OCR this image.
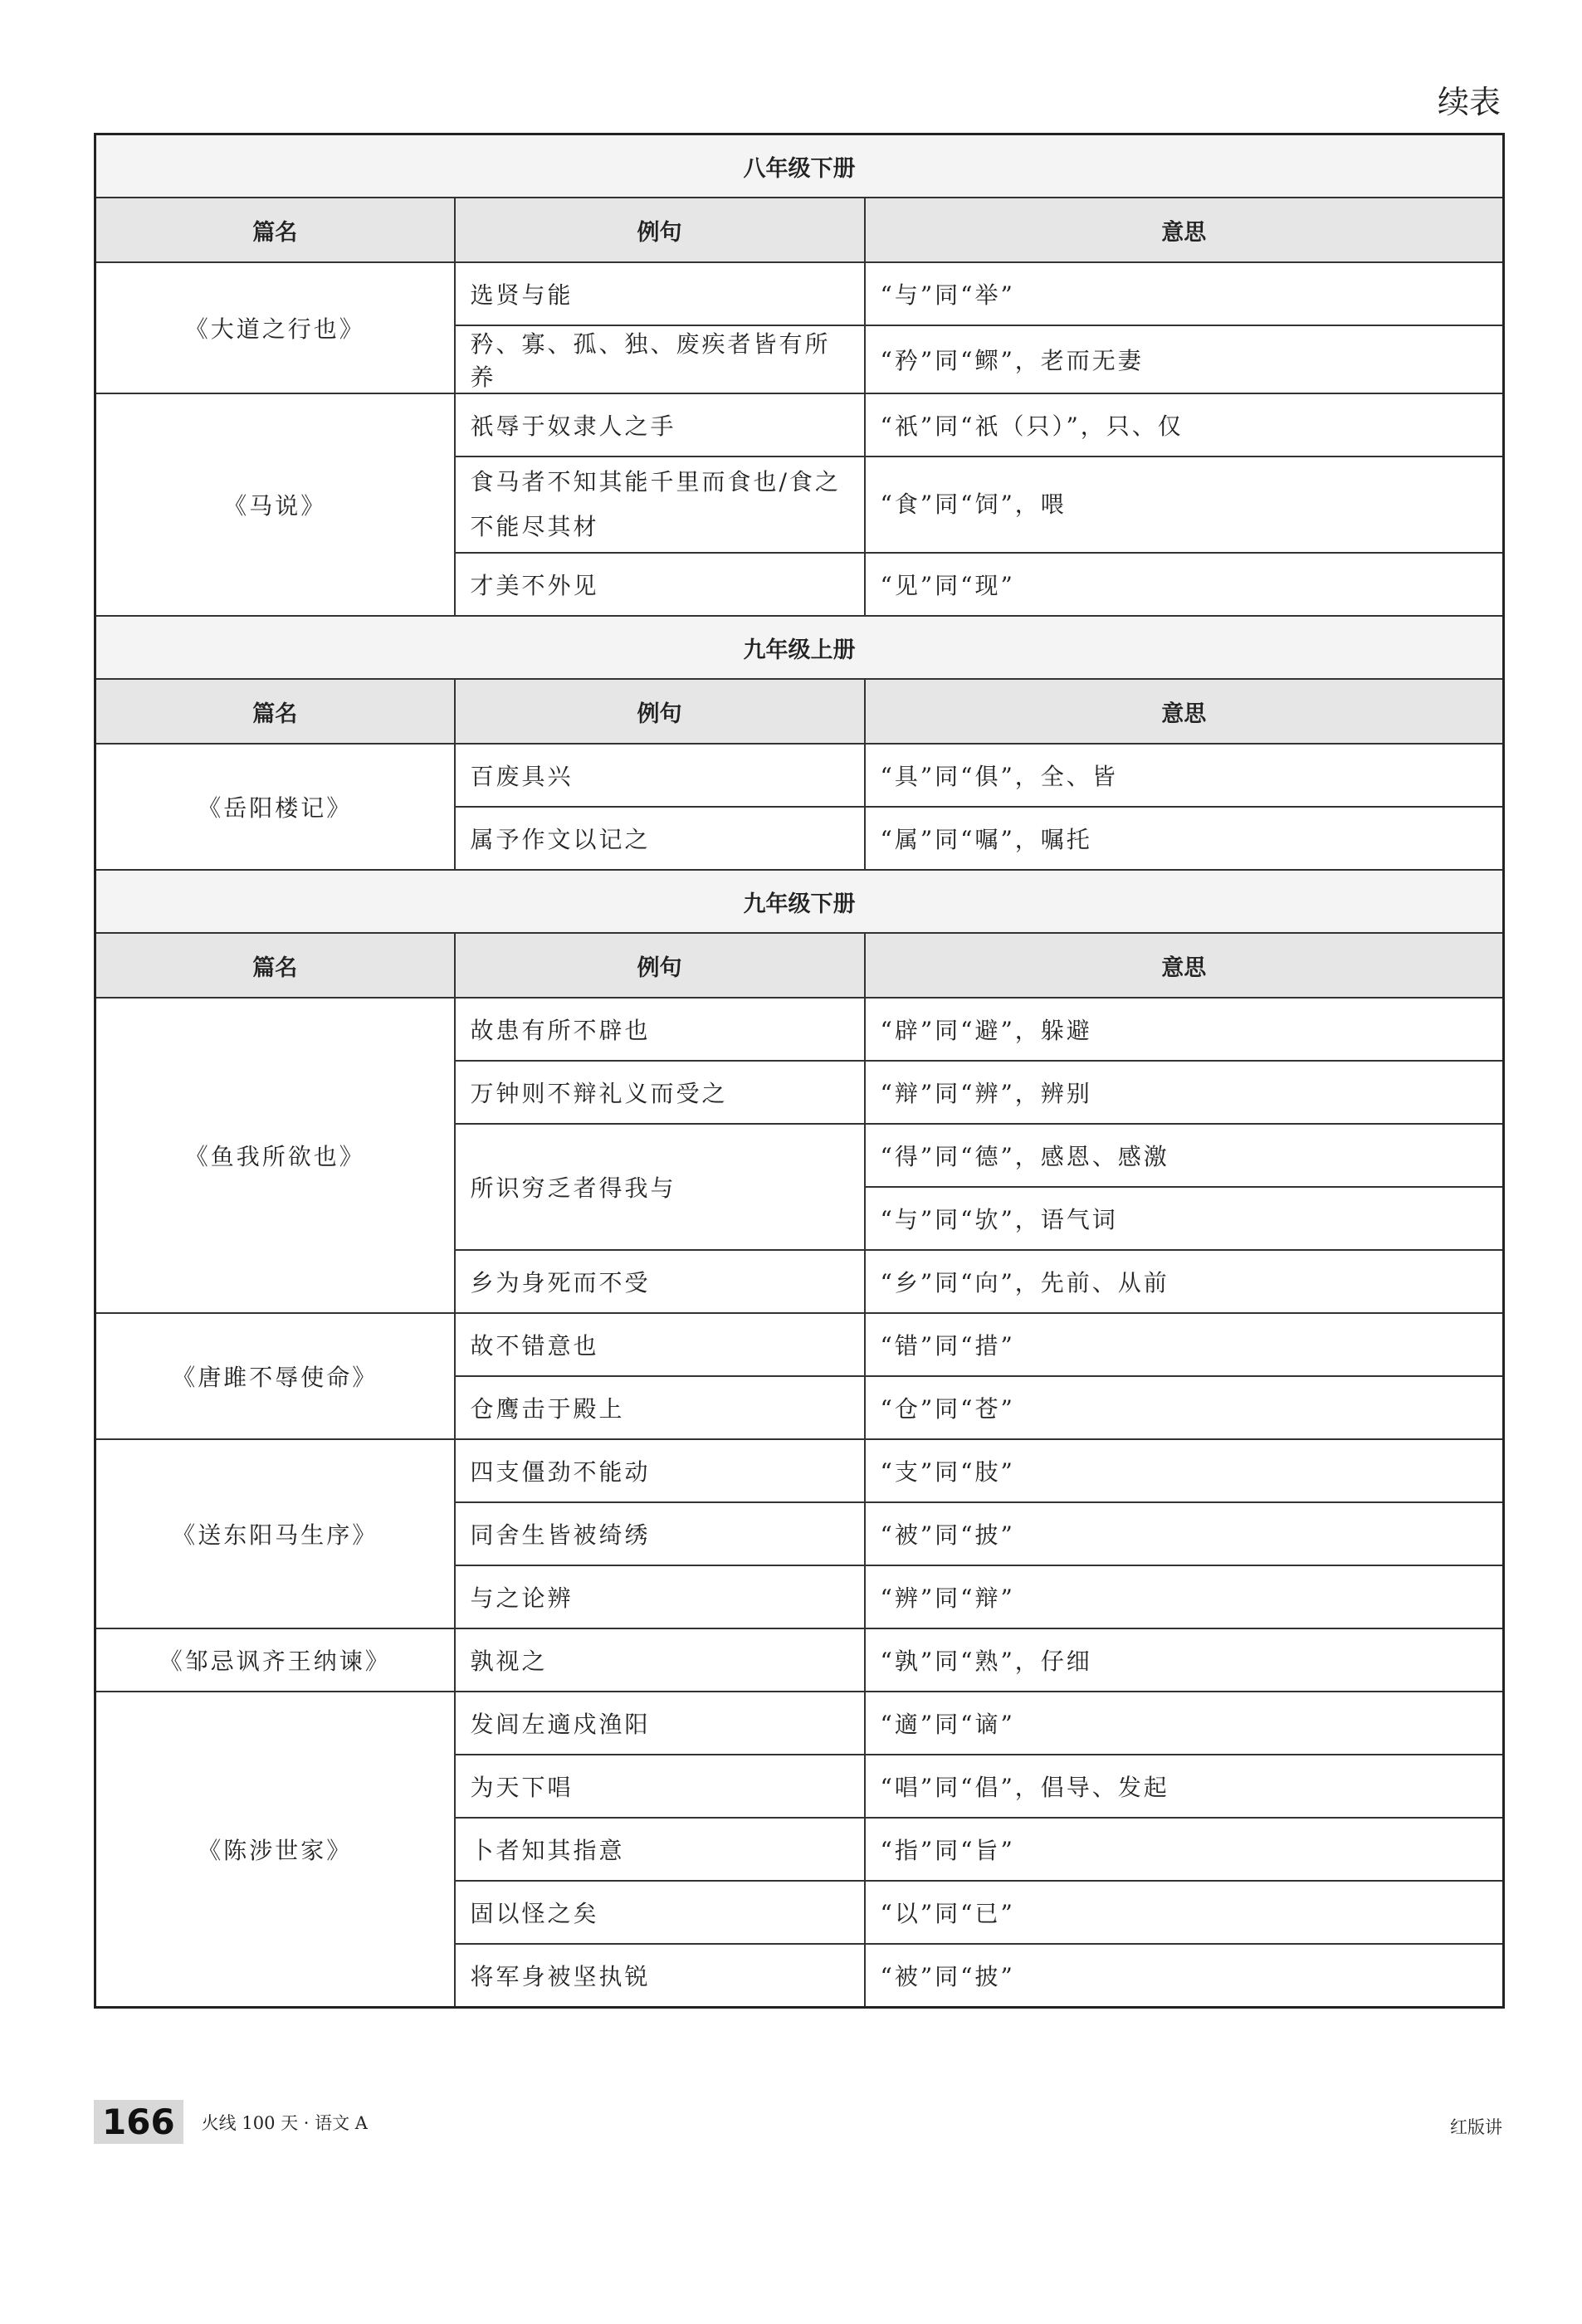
续表
八年级下册		
篇名	例句	意思
《大道之行也》	选贤与能	“与”同“举”
	矜、寡、孤、独、废疾者皆有所养	“矜”同“鳏”，老而无妻
《马说》	祇辱于奴隶人之手	“祇”同“祇（只）”，只、仅
	食马者不知其能千里而食也/食之不能尽其材	“食”同“饲”，喂
	才美不外见	“见”同“现”
九年级上册		
篇名	例句	意思
《岳阳楼记》	百废具兴	“具”同“俱”，全、皆
	属予作文以记之	“属”同“嘱”，嘱托
九年级下册		
篇名	例句	意思
《鱼我所欲也》	故患有所不辟也	“辟”同“避”，躲避
	万钟则不辩礼义而受之	“辩”同“辨”，辨别
	所识穷乏者得我与	“得”同“德”，感恩、感激
		“与”同“欤”，语气词
	乡为身死而不受	“乡”同“向”，先前、从前
《唐雎不辱使命》	故不错意也	“错”同“措”
	仓鹰击于殿上	“仓”同“苍”
《送东阳马生序》	四支僵劲不能动	“支”同“肢”
	同舍生皆被绮绣	“被”同“披”
	与之论辨	“辨”同“辩”
《邹忌讽齐王纳谏》	孰视之	“孰”同“熟”，仔细
《陈涉世家》	发闾左適戍渔阳	“適”同“谪”
	为天下唱	“唱”同“倡”，倡导、发起
	卜者知其指意	“指”同“旨”
	固以怪之矣	“以”同“已”
	将军身被坚执锐	“被”同“披”
166	火线 100 天 · 语文 A	红版讲
